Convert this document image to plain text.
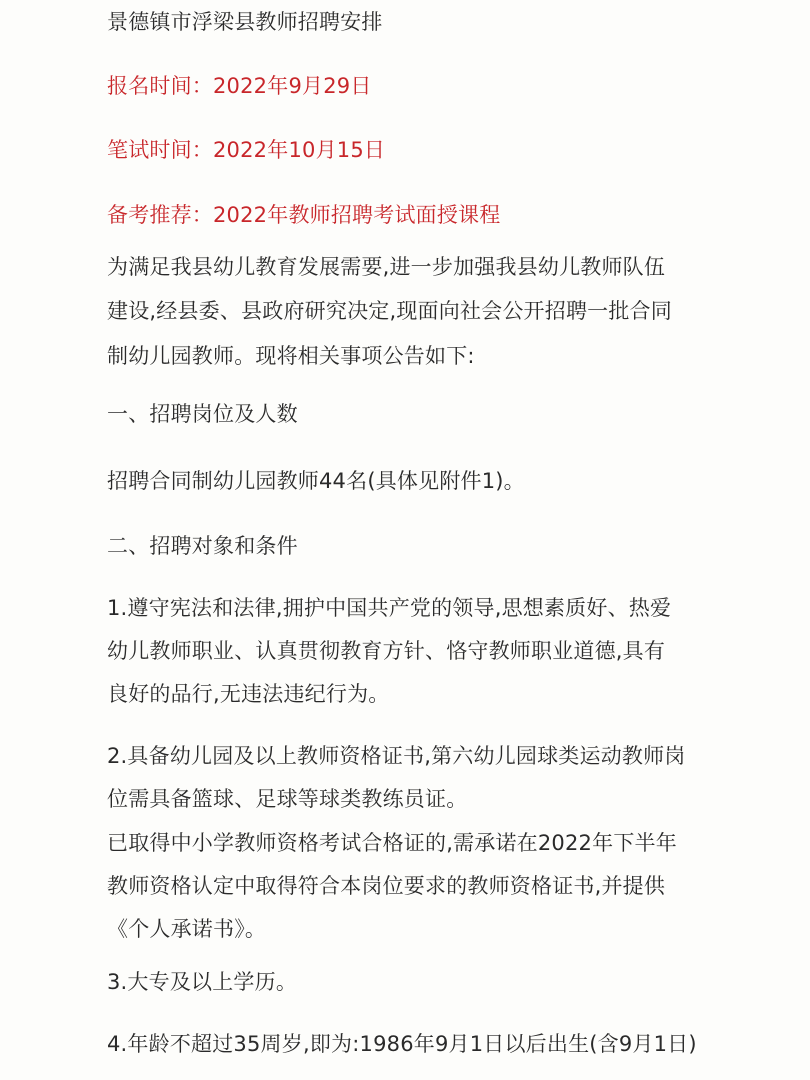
景德镇市浮梁县教师招聘安排
报名时间：2022年9月29日
笔试时间：2022年10月15日
备考推荐：2022年教师招聘考试面授课程
为满足我县幼儿教育发展需要,进一步加强我县幼儿教师队伍
建设,经县委、县政府研究决定,现面向社会公开招聘一批合同
制幼儿园教师。现将相关事项公告如下:
一、招聘岗位及人数
招聘合同制幼儿园教师44名(具体见附件1)。
二、招聘对象和条件
1.遵守宪法和法律,拥护中国共产党的领导,思想素质好、热爱
幼儿教师职业、认真贯彻教育方针、恪守教师职业道德,具有
良好的品行,无违法违纪行为。
2.具备幼儿园及以上教师资格证书,第六幼儿园球类运动教师岗
位需具备篮球、足球等球类教练员证。
已取得中小学教师资格考试合格证的,需承诺在2022年下半年
教师资格认定中取得符合本岗位要求的教师资格证书,并提供
《个人承诺书》。
3.大专及以上学历。
4.年龄不超过35周岁,即为:1986年9月1日以后出生(含9月1日)
